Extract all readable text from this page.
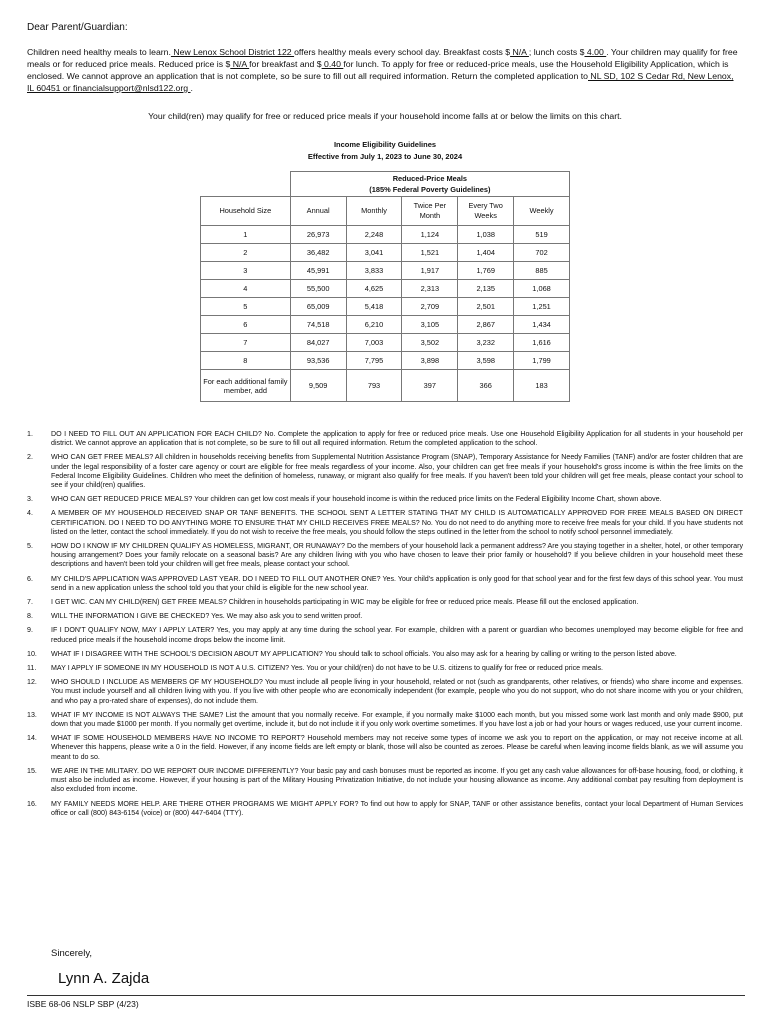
Dear Parent/Guardian:
Children need healthy meals to learn. New Lenox School District 122 offers healthy meals every school day. Breakfast costs $ N/A ; lunch costs $ 4.00 . Your children may qualify for free meals or for reduced price meals. Reduced price is $ N/A for breakfast and $ 0.40 for lunch. To apply for free or reduced-price meals, use the Household Eligibility Application, which is enclosed. We cannot approve an application that is not complete, so be sure to fill out all required information. Return the completed application to NL SD, 102 S Cedar Rd, New Lenox, IL 60451 or financialsupport@nlsd122.org .
Your child(ren) may qualify for free or reduced price meals if your household income falls at or below the limits on this chart.
Income Eligibility Guidelines
Effective from July 1, 2023 to June 30, 2024

	Reduced-Price Meals
(185% Federal Poverty Guidelines)				

Household Size	Annual	Monthly	Twice Per Month	Every Two Weeks	Weekly
1	26,973	2,248	1,124	1,038	519
2	36,482	3,041	1,521	1,404	702
3	45,991	3,833	1,917	1,769	885
4	55,500	4,625	2,313	2,135	1,068
5	65,009	5,418	2,709	2,501	1,251
6	74,518	6,210	3,105	2,867	1,434
7	84,027	7,003	3,502	3,232	1,616
8	93,536	7,795	3,898	3,598	1,799
For each additional family member, add	9,509	793	397	366	183
1.	DO I NEED TO FILL OUT AN APPLICATION FOR EACH CHILD? No. Complete the application to apply for free or reduced price meals. Use one Household Eligibility Application for all students in your household per district. We cannot approve an application that is not complete, so be sure to fill out all required information. Return the completed application to the school.
2.	WHO CAN GET FREE MEALS? All children in households receiving benefits from Supplemental Nutrition Assistance Program (SNAP), Temporary Assistance for Needy Families (TANF) and/or are foster children that are under the legal responsibility of a foster care agency or court are eligible for free meals regardless of your income. Also, your children can get free meals if your household's gross income is within the free limits on the Federal Income Eligibility Guidelines. Children who meet the definition of homeless, runaway, or migrant also qualify for free meals. If you haven't been told your children will get free meals, please contact your school to see if your child(ren) qualifies.
3.	WHO CAN GET REDUCED PRICE MEALS? Your children can get low cost meals if your household income is within the reduced price limits on the Federal Eligibility Income Chart, shown above.
4.	A MEMBER OF MY HOUSEHOLD RECEIVED SNAP OR TANF BENEFITS. THE SCHOOL SENT A LETTER STATING THAT MY CHILD IS AUTOMATICALLY APPROVED FOR FREE MEALS BASED ON DIRECT CERTIFICATION. DO I NEED TO DO ANYTHING MORE TO ENSURE THAT MY CHILD RECEIVES FREE MEALS? No. You do not need to do anything more to receive free meals for your child. If you have students not listed on the letter, contact the school immediately. If you do not wish to receive the free meals, you should follow the steps outlined in the letter from the school to notify school personnel immediately.
5.	HOW DO I KNOW IF MY CHILDREN QUALIFY AS HOMELESS, MIGRANT, OR RUNAWAY? Do the members of your household lack a permanent address? Are you staying together in a shelter, hotel, or other temporary housing arrangement? Does your family relocate on a seasonal basis? Are any children living with you who have chosen to leave their prior family or household? If you believe children in your household meet these descriptions and haven't been told your children will get free meals, please contact your school.
6.	MY CHILD'S APPLICATION WAS APPROVED LAST YEAR. DO I NEED TO FILL OUT ANOTHER ONE? Yes. Your child's application is only good for that school year and for the first few days of this school year. You must send in a new application unless the school told you that your child is eligible for the new school year.
7.	I GET WIC. CAN MY CHILD(REN) GET FREE MEALS? Children in households participating in WIC may be eligible for free or reduced price meals. Please fill out the enclosed application.
8.	WILL THE INFORMATION I GIVE BE CHECKED? Yes. We may also ask you to send written proof.
9.	IF I DON'T QUALIFY NOW, MAY I APPLY LATER? Yes, you may apply at any time during the school year. For example, children with a parent or guardian who becomes unemployed may become eligible for free and reduced price meals if the household income drops below the income limit.
10. WHAT IF I DISAGREE WITH THE SCHOOL'S DECISION ABOUT MY APPLICATION? You should talk to school officials. You also may ask for a hearing by calling or writing to the person listed above.
11. MAY I APPLY IF SOMEONE IN MY HOUSEHOLD IS NOT A U.S. CITIZEN? Yes. You or your child(ren) do not have to be U.S. citizens to qualify for free or reduced price meals.
12. WHO SHOULD I INCLUDE AS MEMBERS OF MY HOUSEHOLD? You must include all people living in your household, related or not (such as grandparents, other relatives, or friends) who share income and expenses. You must include yourself and all children living with you. If you live with other people who are economically independent (for example, people who you do not support, who do not share income with you or your children, and who pay a pro-rated share of expenses), do not include them.
13. WHAT IF MY INCOME IS NOT ALWAYS THE SAME? List the amount that you normally receive. For example, if you normally make $1000 each month, but you missed some work last month and only made $900, put down that you made $1000 per month. If you normally get overtime, include it, but do not include it if you only work overtime sometimes. If you have lost a job or had your hours or wages reduced, use your current income.
14. WHAT IF SOME HOUSEHOLD MEMBERS HAVE NO INCOME TO REPORT? Household members may not receive some types of income we ask you to report on the application, or may not receive income at all. Whenever this happens, please write a 0 in the field. However, if any income fields are left empty or blank, those will also be counted as zeroes. Please be careful when leaving income fields blank, as we will assume you meant to do so.
15. WE ARE IN THE MILITARY. DO WE REPORT OUR INCOME DIFFERENTLY? Your basic pay and cash bonuses must be reported as income. If you get any cash value allowances for off-base housing, food, or clothing, it must also be included as income. However, if your housing is part of the Military Housing Privatization Initiative, do not include your housing allowance as income. Any additional combat pay resulting from deployment is also excluded from income.
16. MY FAMILY NEEDS MORE HELP. ARE THERE OTHER PROGRAMS WE MIGHT APPLY FOR? To find out how to apply for SNAP, TANF or other assistance benefits, contact your local Department of Human Services office or call (800) 843-6154 (voice) or (800) 447-6404 (TTY).
Sincerely,
Lynn A. Zajda
ISBE 68-06 NSLP SBP (4/23)
